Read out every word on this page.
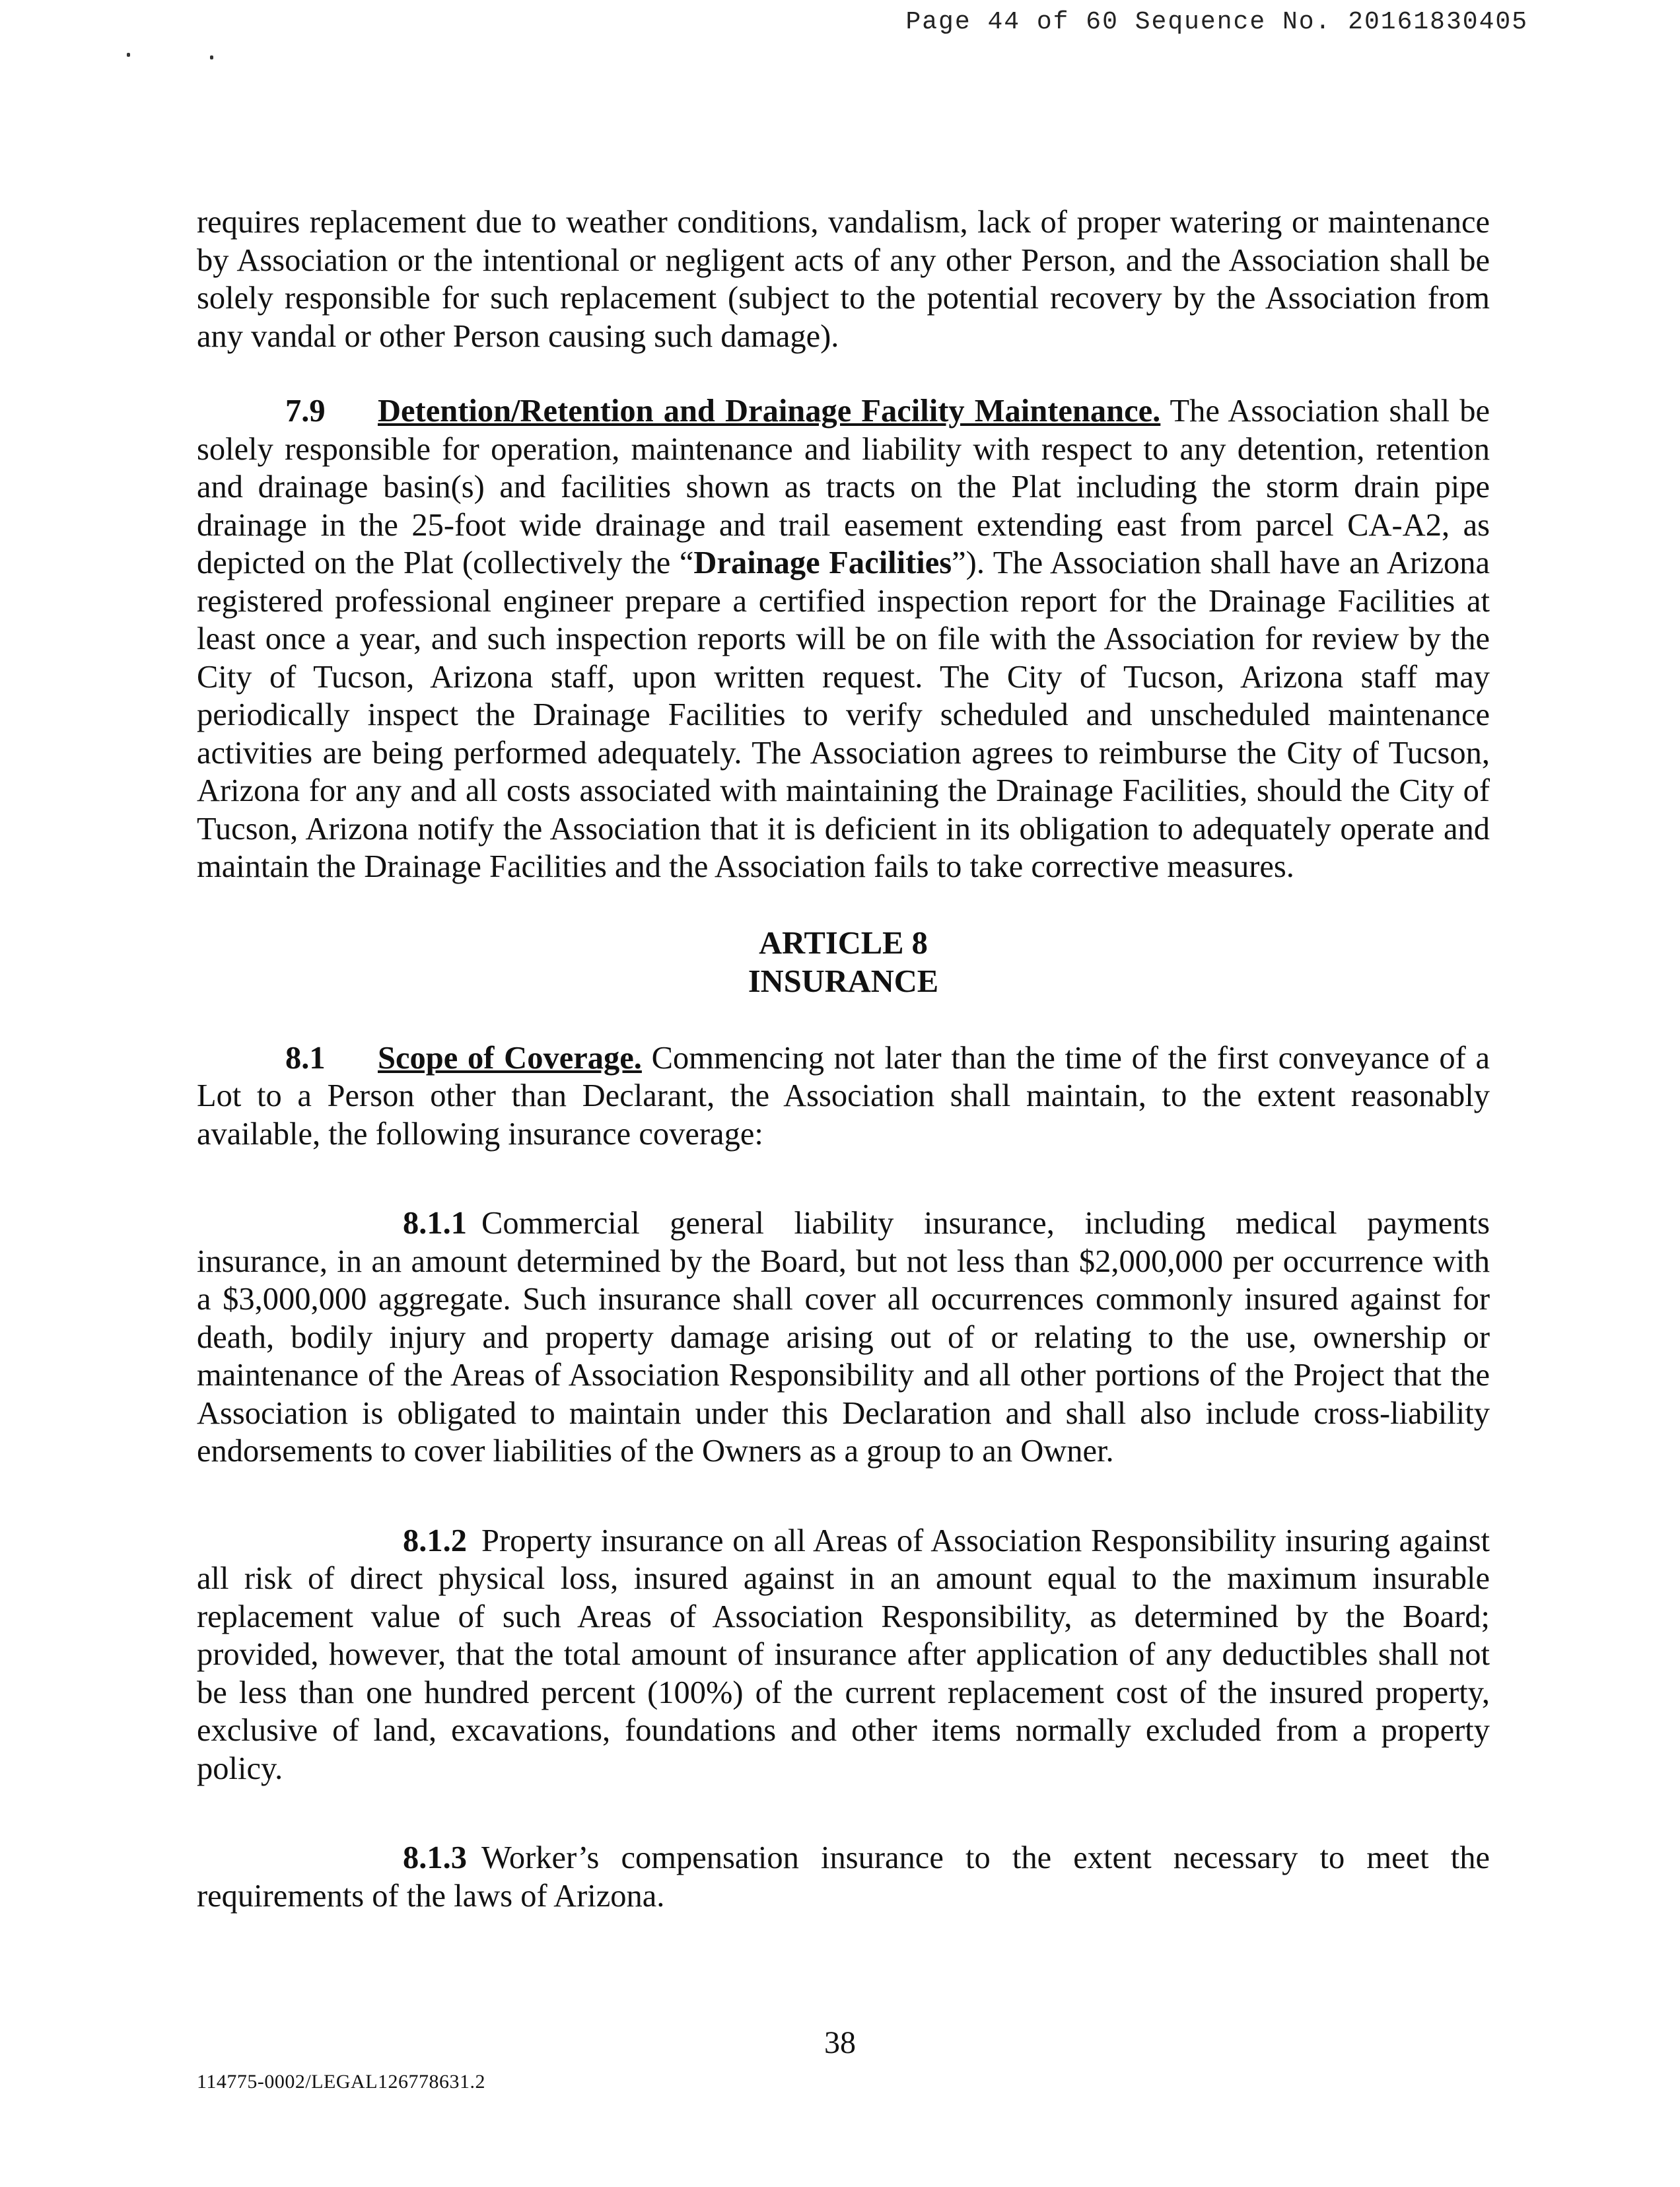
Page 44 of 60 Sequence No. 20161830405

requires replacement due to weather conditions, vandalism, lack of proper watering or maintenance by Association or the intentional or negligent acts of any other Person, and the Association shall be solely responsible for such replacement (subject to the potential recovery by the Association from any vandal or other Person causing such damage).

7.9 Detention/Retention and Drainage Facility Maintenance. The Association shall be solely responsible for operation, maintenance and liability with respect to any detention, retention and drainage basin(s) and facilities shown as tracts on the Plat including the storm drain pipe drainage in the 25-foot wide drainage and trail easement extending east from parcel CA-A2, as depicted on the Plat (collectively the “Drainage Facilities”). The Association shall have an Arizona registered professional engineer prepare a certified inspection report for the Drainage Facilities at least once a year, and such inspection reports will be on file with the Association for review by the City of Tucson, Arizona staff, upon written request. The City of Tucson, Arizona staff may periodically inspect the Drainage Facilities to verify scheduled and unscheduled maintenance activities are being performed adequately. The Association agrees to reimburse the City of Tucson, Arizona for any and all costs associated with maintaining the Drainage Facilities, should the City of Tucson, Arizona notify the Association that it is deficient in its obligation to adequately operate and maintain the Drainage Facilities and the Association fails to take corrective measures.

ARTICLE 8
INSURANCE

8.1 Scope of Coverage. Commencing not later than the time of the first conveyance of a Lot to a Person other than Declarant, the Association shall maintain, to the extent reasonably available, the following insurance coverage:

8.1.1 Commercial general liability insurance, including medical payments insurance, in an amount determined by the Board, but not less than $2,000,000 per occurrence with a $3,000,000 aggregate. Such insurance shall cover all occurrences commonly insured against for death, bodily injury and property damage arising out of or relating to the use, ownership or maintenance of the Areas of Association Responsibility and all other portions of the Project that the Association is obligated to maintain under this Declaration and shall also include cross-liability endorsements to cover liabilities of the Owners as a group to an Owner.

8.1.2 Property insurance on all Areas of Association Responsibility insuring against all risk of direct physical loss, insured against in an amount equal to the maximum insurable replacement value of such Areas of Association Responsibility, as determined by the Board; provided, however, that the total amount of insurance after application of any deductibles shall not be less than one hundred percent (100%) of the current replacement cost of the insured property, exclusive of land, excavations, foundations and other items normally excluded from a property policy.

8.1.3 Worker’s compensation insurance to the extent necessary to meet the requirements of the laws of Arizona.

38
114775-0002/LEGAL126778631.2
